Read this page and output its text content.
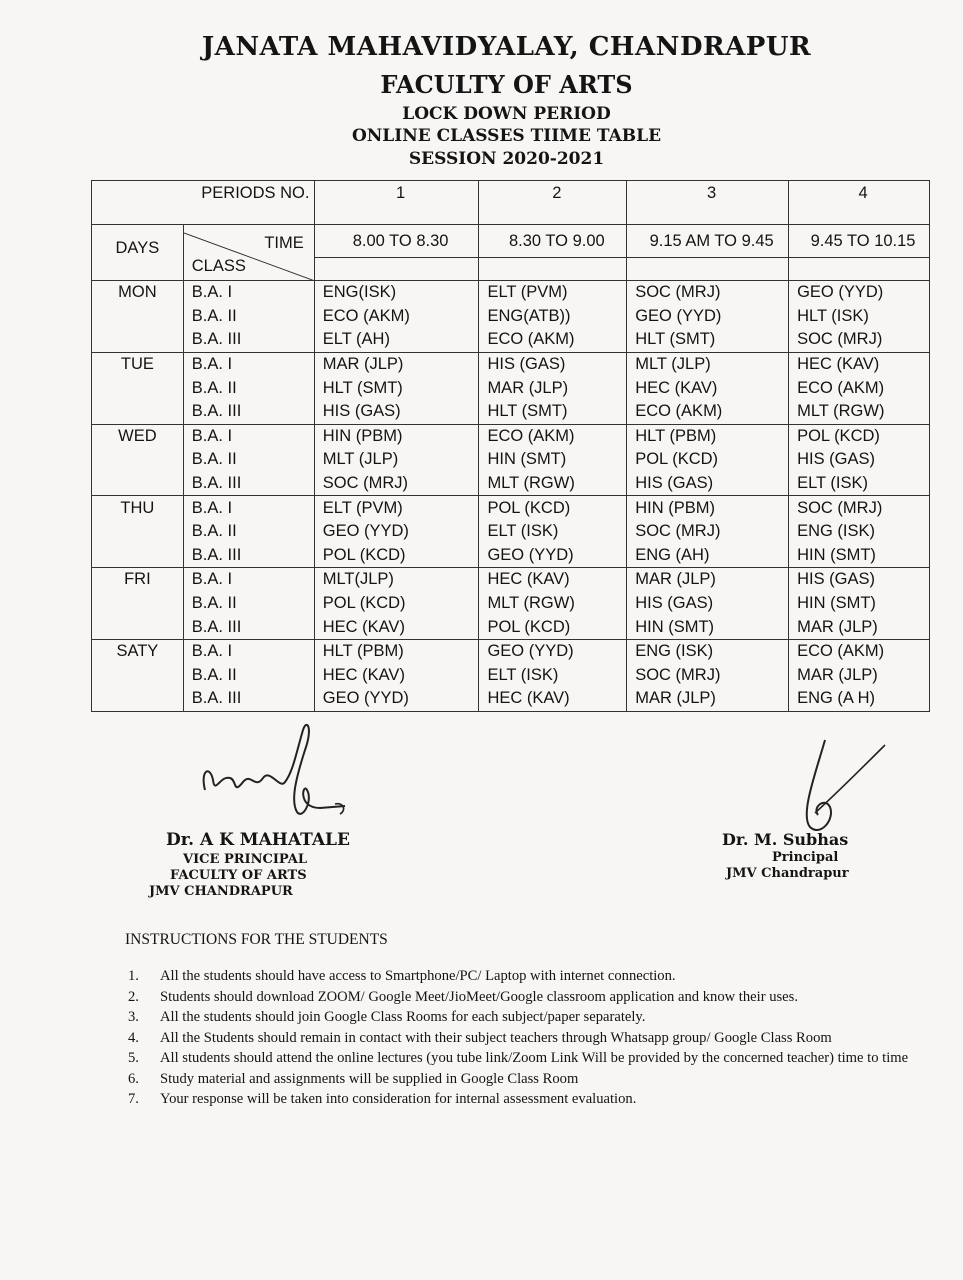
JANATA MAHAVIDYALAY, CHANDRAPUR
FACULTY OF ARTS
LOCK DOWN PERIOD
ONLINE CLASSES TIIME TABLE
SESSION 2020-2021
	PERIODS NO.	1	2	3	4
DAYS	TIME
CLASS	8.00 TO 8.30	8.30 TO 9.00	9.15 AM TO 9.45	9.45 TO 10.15

MON	B.A. I	ENG(ISK)	ELT (PVM)	SOC (MRJ)	GEO (YYD)
	B.A. II	ECO (AKM)	ENG(ATB))	GEO (YYD)	HLT (ISK)
	B.A. III	ELT (AH)	ECO (AKM)	HLT (SMT)	SOC (MRJ)
TUE	B.A. I	MAR (JLP)	HIS (GAS)	MLT (JLP)	HEC (KAV)
	B.A. II	HLT (SMT)	MAR (JLP)	HEC (KAV)	ECO (AKM)
	B.A. III	HIS (GAS)	HLT (SMT)	ECO (AKM)	MLT (RGW)
WED	B.A. I	HIN (PBM)	ECO (AKM)	HLT (PBM)	POL (KCD)
	B.A. II	MLT (JLP)	HIN (SMT)	POL (KCD)	HIS (GAS)
	B.A. III	SOC (MRJ)	MLT (RGW)	HIS (GAS)	ELT (ISK)
THU	B.A. I	ELT (PVM)	POL (KCD)	HIN (PBM)	SOC (MRJ)
	B.A. II	GEO (YYD)	ELT (ISK)	SOC (MRJ)	ENG (ISK)
	B.A. III	POL (KCD)	GEO (YYD)	ENG (AH)	HIN (SMT)
FRI	B.A. I	MLT(JLP)	HEC (KAV)	MAR (JLP)	HIS (GAS)
	B.A. II	POL (KCD)	MLT (RGW)	HIS (GAS)	HIN (SMT)
	B.A. III	HEC (KAV)	POL (KCD)	HIN (SMT)	MAR (JLP)
SATY	B.A. I	HLT (PBM)	GEO (YYD)	ENG (ISK)	ECO (AKM)
	B.A. II	HEC (KAV)	ELT (ISK)	SOC (MRJ)	MAR (JLP)
	B.A. III	GEO (YYD)	HEC (KAV)	MAR (JLP)	ENG (A H)
Dr. A K MAHATALE
VICE PRINCIPAL
FACULTY OF ARTS
JMV CHANDRAPUR
Dr. M. Subhas
Principal
JMV Chandrapur
INSTRUCTIONS FOR THE STUDENTS
1.	All the students should have access to Smartphone/PC/ Laptop with internet connection.
2.	Students should download ZOOM/ Google Meet/JioMeet/Google classroom application and know their uses.
3.	All the students should join Google Class Rooms for each subject/paper separately.
4.	All the Students should remain in contact with their subject teachers through Whatsapp group/ Google Class Room
5.	All students should attend the online lectures (you tube link/Zoom Link Will be provided by the concerned teacher) time to time
6.	Study material and assignments will be supplied in Google Class Room
7.	Your response will be taken into consideration for internal assessment evaluation.
